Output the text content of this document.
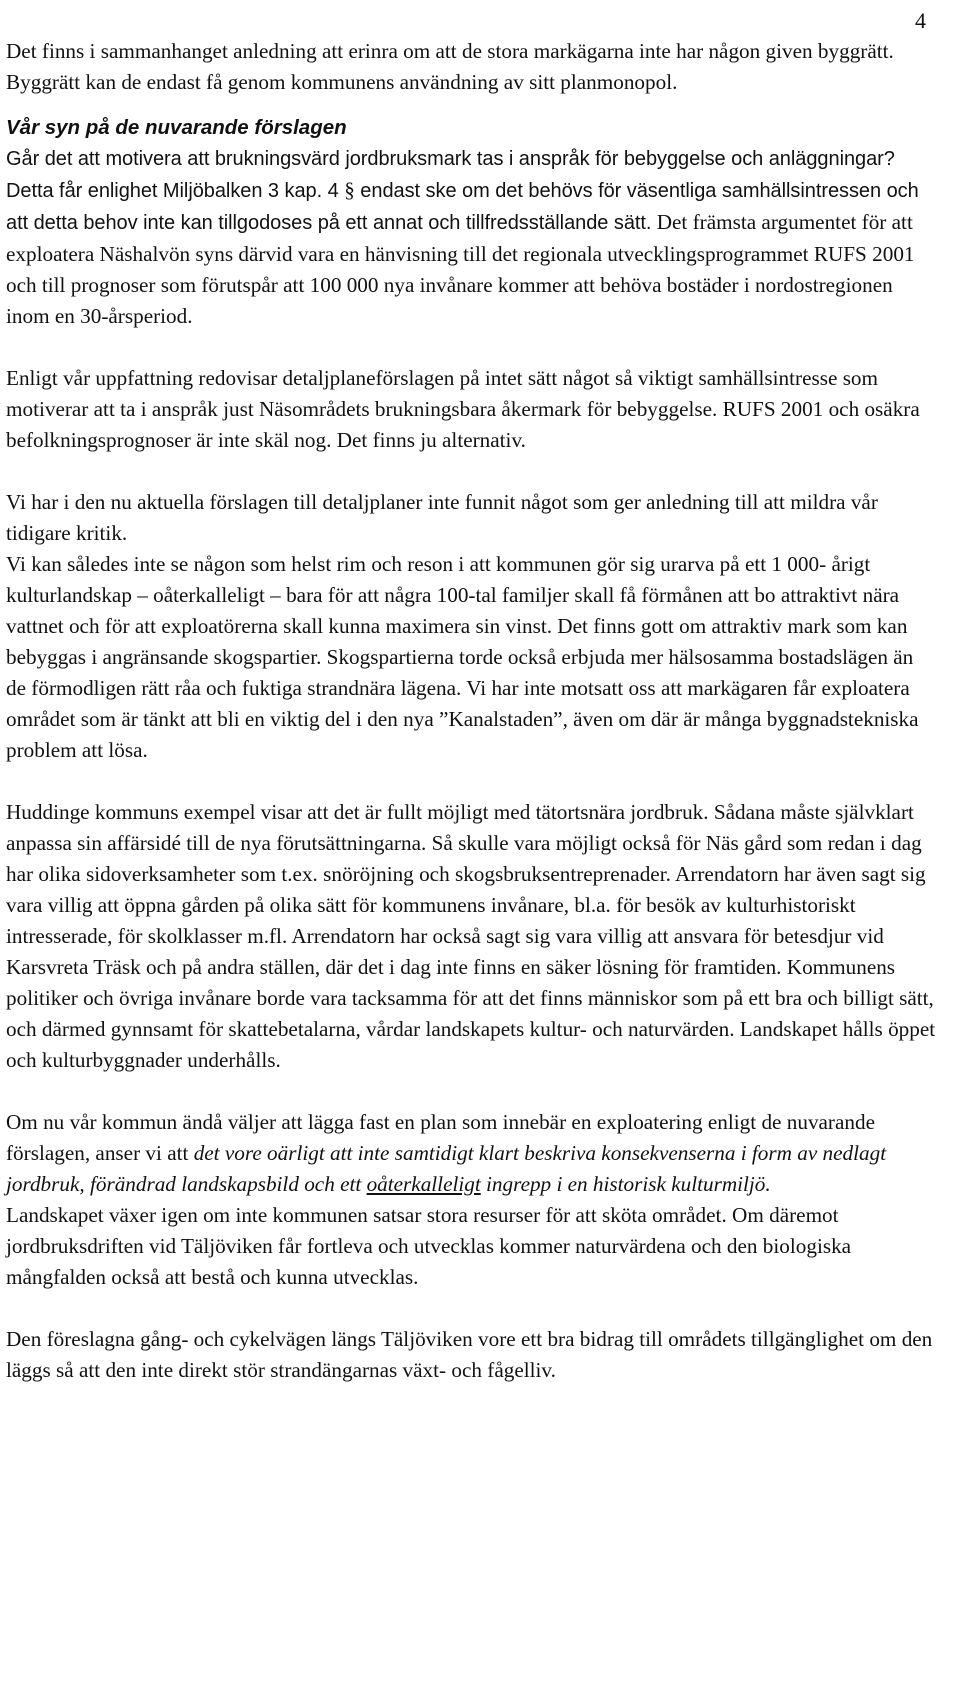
4

Det finns i sammanhanget anledning att erinra om att de stora markägarna inte har någon given byggrätt. Byggrätt kan de endast få genom kommunens användning av sitt planmonopol.

Vår syn på de nuvarande förslagen

Går det att motivera att brukningsvärd jordbruksmark tas i anspråk för bebyggelse och anläggningar? Detta får enlighet Miljöbalken 3 kap. 4 § endast ske om det behövs för väsentliga samhällsintressen och att detta behov inte kan tillgodoses på ett annat och tillfredsställande sätt. Det främsta argumentet för att exploatera Näshalvön syns därvid vara en hänvisning till det regionala utvecklingsprogrammet RUFS 2001 och till prognoser som förutspår att 100 000 nya invånare kommer att behöva bostäder i nordostregionen inom en 30-årsperiod.

Enligt vår uppfattning redovisar detaljplaneförslagen på intet sätt något så viktigt samhällsintresse som motiverar att ta i anspråk just Näsområdets brukningsbara åkermark för bebyggelse. RUFS 2001 och osäkra befolkningsprognoser är inte skäl nog. Det finns ju alternativ.

Vi har i den nu aktuella förslagen till detaljplaner inte funnit något som ger anledning till att mildra vår tidigare kritik.

Vi kan således inte se någon som helst rim och reson i att kommunen gör sig urarva på ett 1 000- årigt kulturlandskap – oåterkalleligt – bara för att några 100-tal familjer skall få förmånen att bo attraktivt nära vattnet och för att exploatörerna skall kunna maximera sin vinst. Det finns gott om attraktiv mark som kan bebyggas i angränsande skogspartier. Skogspartierna torde också erbjuda mer hälsosamma bostadslägen än de förmodligen rätt råa och fuktiga strandnära lägena. Vi har inte motsatt oss att markägaren får exploatera området som är tänkt att bli en viktig del i den nya ”Kanalstaden”, även om där är många byggnadstekniska problem att lösa.

Huddinge kommuns exempel visar att det är fullt möjligt med tätortsnära jordbruk. Sådana måste självklart anpassa sin affärsidé till de nya förutsättningarna. Så skulle vara möjligt också för Näs gård som redan i dag har olika sidoverksamheter som t.ex. snöröjning och skogsbruksentreprenader. Arrendatorn har även sagt sig vara villig att öppna gården på olika sätt för kommunens invånare, bl.a. för besök av kulturhistoriskt intresserade, för skolklasser m.fl. Arrendatorn har också sagt sig vara villig att ansvara för betesdjur vid Karsvreta Träsk och på andra ställen, där det i dag inte finns en säker lösning för framtiden. Kommunens politiker och övriga invånare borde vara tacksamma för att det finns människor som på ett bra och billigt sätt, och därmed gynnsamt för skattebetalarna, vårdar landskapets kultur- och naturvärden. Landskapet hålls öppet och kulturbyggnader underhålls.

Om nu vår kommun ändå väljer att lägga fast en plan som innebär en exploatering enligt de nuvarande förslagen, anser vi att det vore oärligt att inte samtidigt klart beskriva konsekvenserna i form av nedlagt jordbruk, förändrad landskapsbild och ett oåterkalleligt ingrepp i en historisk kulturmiljö.

Landskapet växer igen om inte kommunen satsar stora resurser för att sköta området. Om däremot jordbruksdriften vid Täljöviken får fortleva och utvecklas kommer naturvärdena och den biologiska mångfalden också att bestå och kunna utvecklas.

Den föreslagna gång- och cykelvägen längs Täljöviken vore ett bra bidrag till områdets tillgänglighet om den läggs så att den inte direkt stör strandängarnas växt- och fågelliv.
